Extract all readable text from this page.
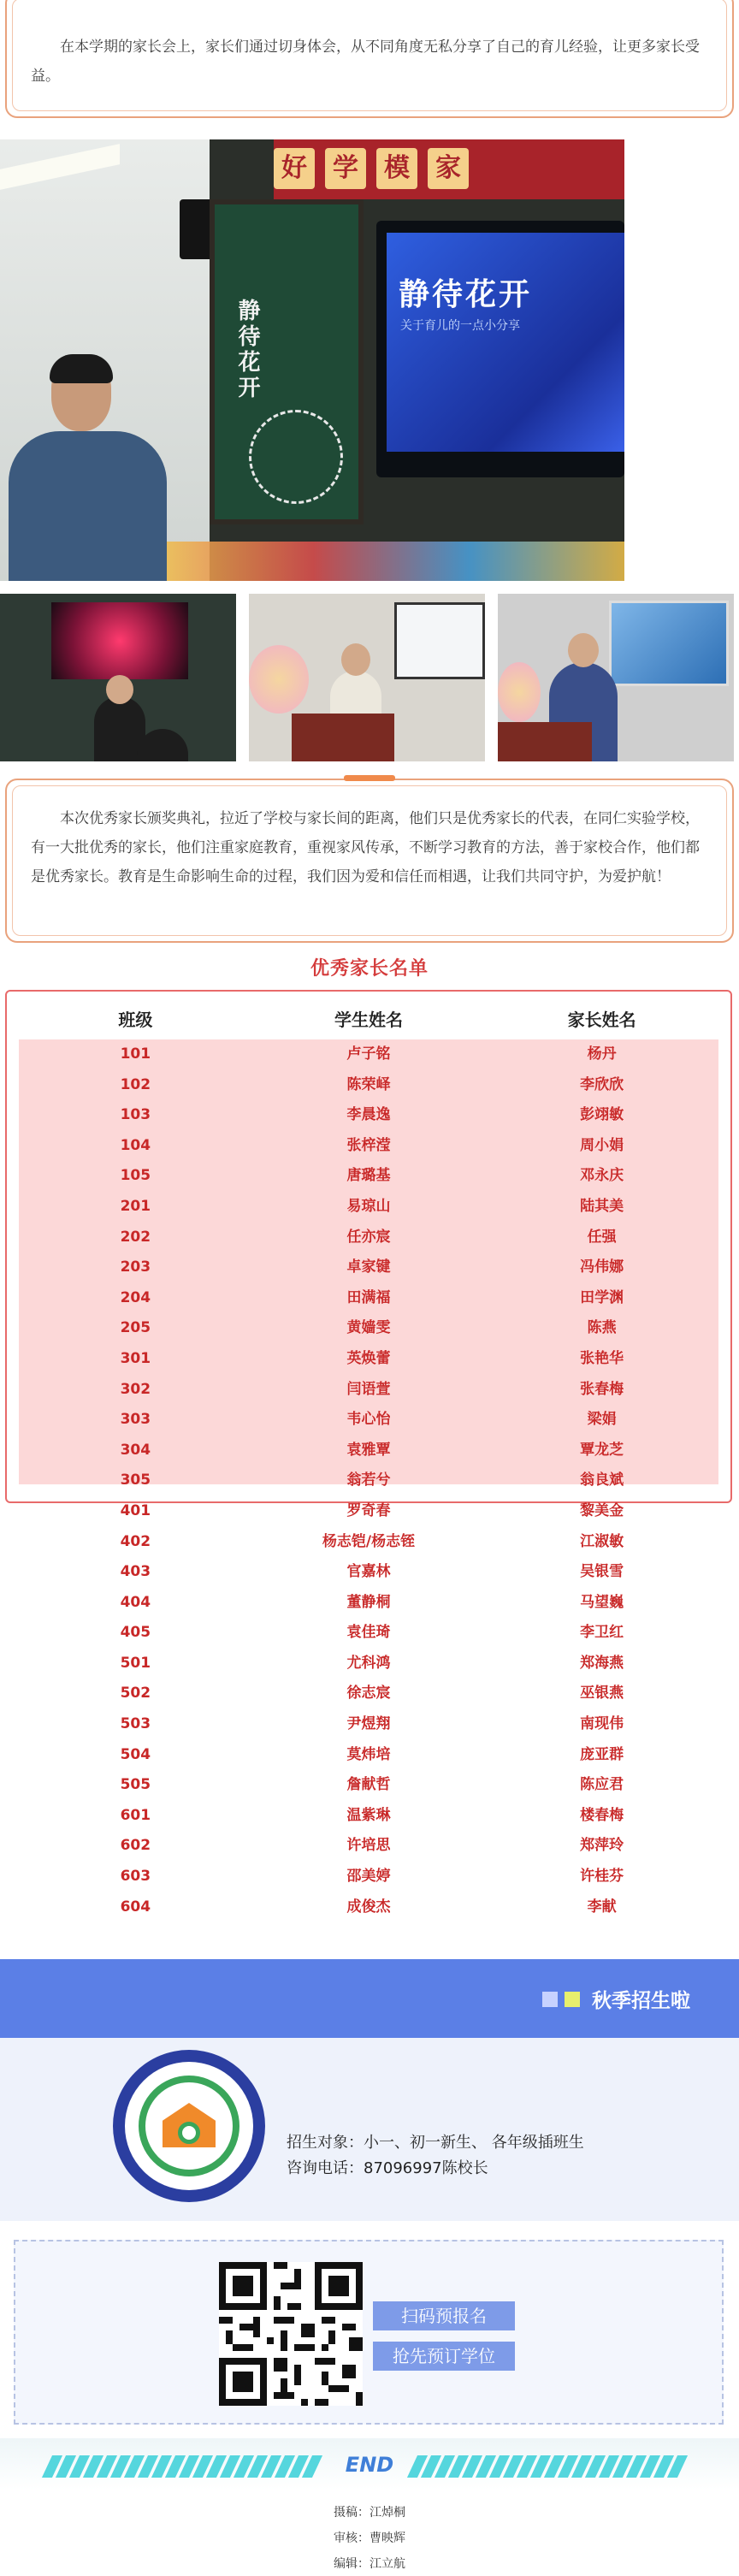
在本学期的家长会上，家长们通过切身体会，从不同角度无私分享了自己的育儿经验，让更多家长受益。

好	学	模	家
静待花开
静待花开
关于育儿的一点小分享

本次优秀家长颁奖典礼，拉近了学校与家长间的距离，他们只是优秀家长的代表，在同仁实验学校，有一大批优秀的家长，他们注重家庭教育，重视家风传承，不断学习教育的方法，善于家校合作，他们都是优秀家长。教育是生命影响生命的过程，我们因为爱和信任而相遇，让我们共同守护，为爱护航！

优秀家长名单
班级	学生姓名	家长姓名
101	卢子铭	杨丹
102	陈荣峄	李欣欣
103	李晨逸	彭翊敏
104	张梓滢	周小娟
105	唐璐基	邓永庆
201	易琼山	陆其美
202	任亦宸	任强
203	卓家键	冯伟娜
204	田满福	田学渊
205	黄嫱雯	陈燕
301	英焕蕾	张艳华
302	闫语萱	张春梅
303	韦心怡	梁娟
304	袁雅覃	覃龙芝
305	翁若兮	翁良斌
401	罗奇春	黎美金
402	杨志铠/杨志铚	江淑敏
403	官嘉林	吴银雪
404	董静桐	马望巍
405	袁佳琦	李卫红
501	尤科鸿	郑海燕
502	徐志宸	巫银燕
503	尹煜翔	南现伟
504	莫炜培	庞亚群
505	詹献哲	陈应君
601	温紫琳	楼春梅
602	许培思	郑萍玲
603	邵美婷	许桂芬
604	成俊杰	李献
秋季招生啦
招生对象：小一、初一新生、 各年级插班生
咨询电话：87096997陈校长
扫码预报名
抢先预订学位
END
摄稿：江焯桐
审核：曹映辉
编辑：江立航
